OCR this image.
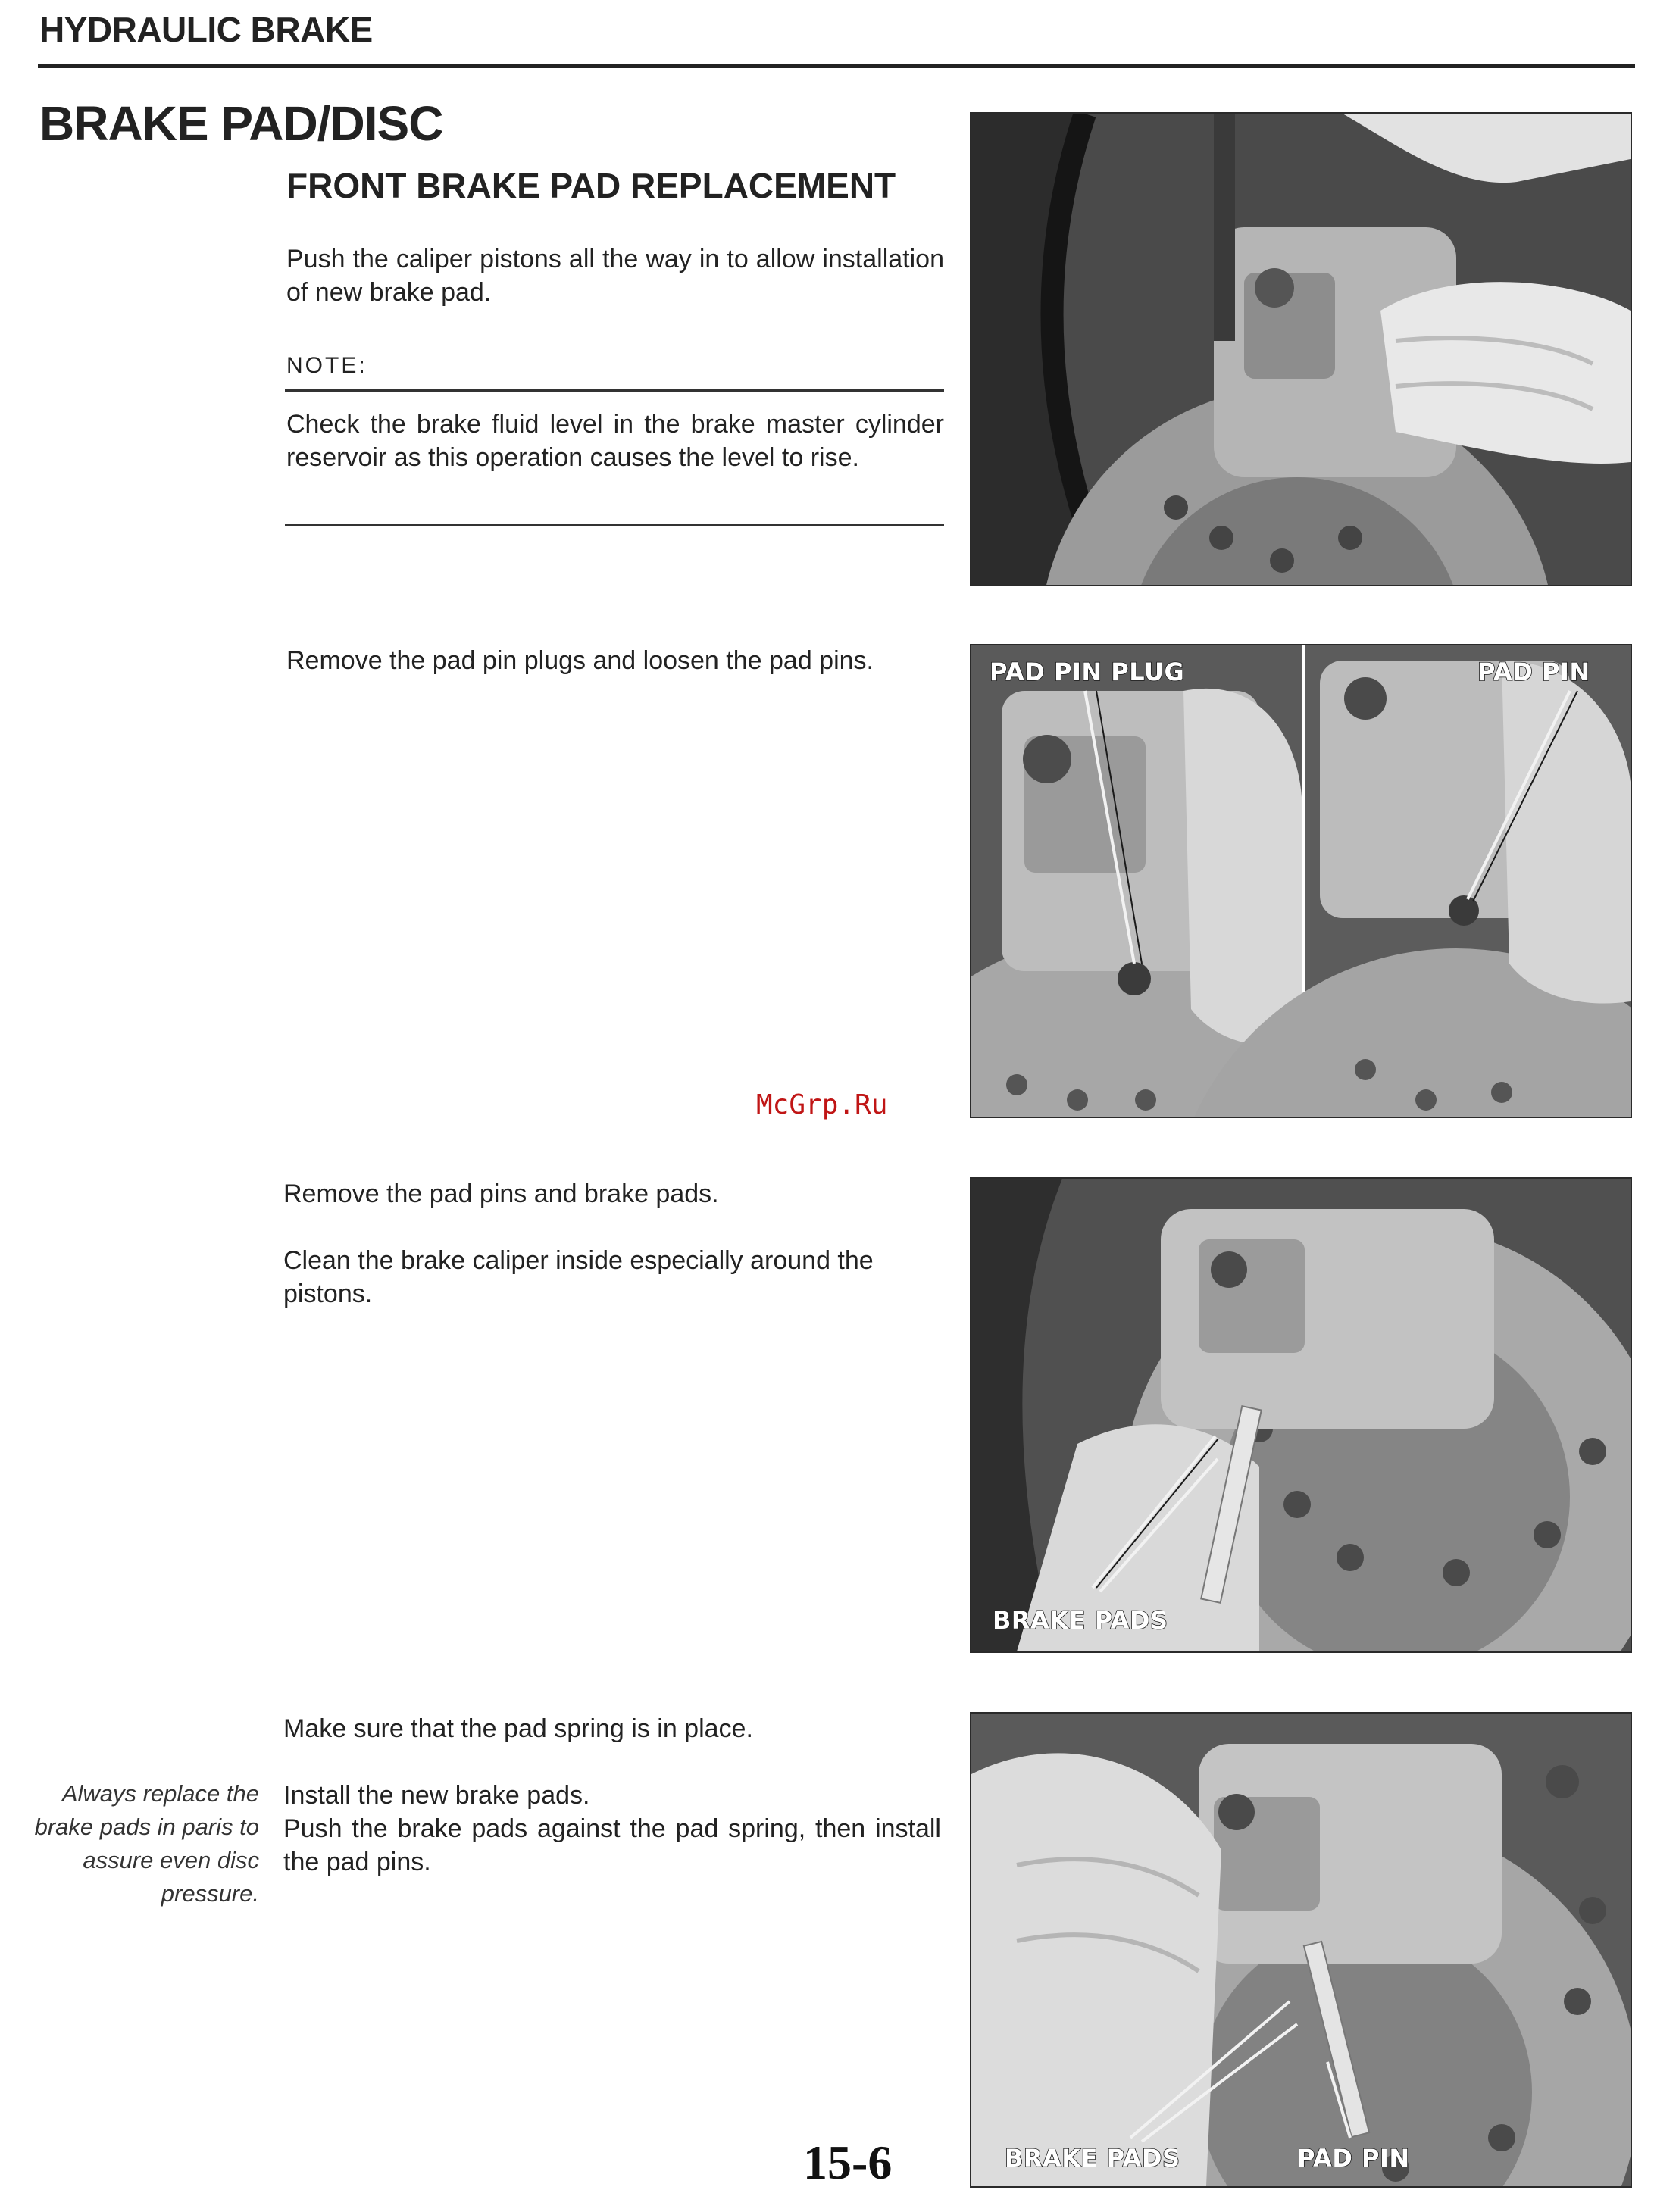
HYDRAULIC BRAKE
BRAKE PAD/DISC
FRONT BRAKE PAD REPLACEMENT
Push the caliper pistons all the way in to allow installation of new brake pad.
NOTE:
Check the brake fluid level in the brake master cylinder reservoir as this operation causes the level to rise.
Remove the pad pin plugs and loosen the pad pins.
Remove the pad pins and brake pads.
Clean the brake caliper inside especially around the pistons.
Make sure that the pad spring is in place.
Install the new brake pads.
Push the brake pads against the pad spring, then install the pad pins.
Always replace the brake pads in paris to assure even disc pressure.
PAD PIN PLUG	PAD PIN
BRAKE PADS
BRAKE PADS	PAD PIN
McGrp.Ru
15-6
